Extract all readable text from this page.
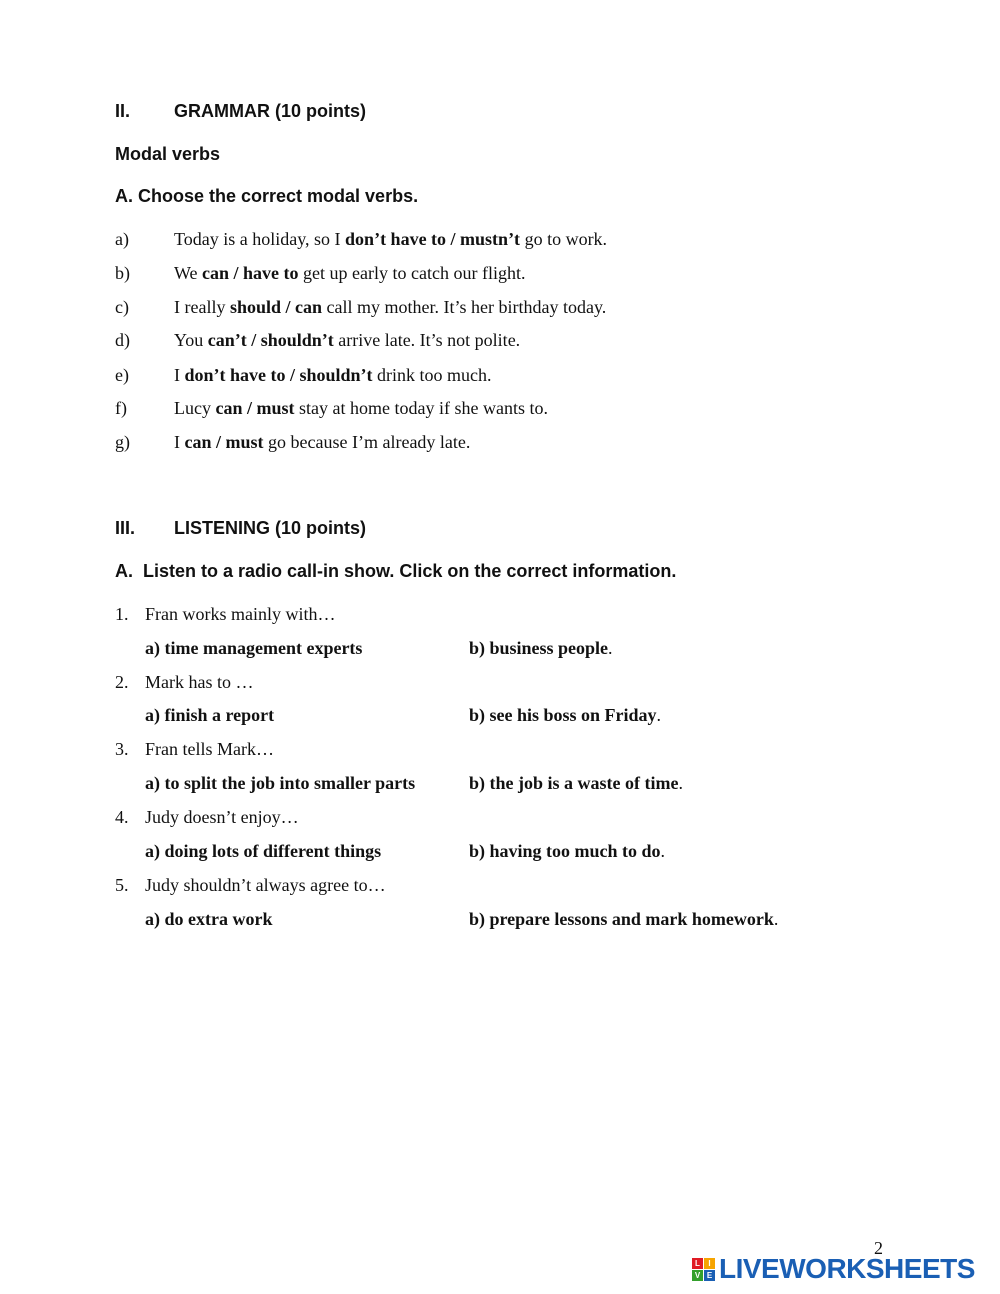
II. GRAMMAR (10 points)
Modal verbs
A. Choose the correct modal verbs.
a)	Today is a holiday, so I don’t have to / mustn’t go to work.
b) We can / have to get up early to catch our flight.
c)	I really should / can call my mother. It’s her birthday today.
d) You can’t / shouldn’t arrive late. It’s not polite.
e)	I don’t have to / shouldn’t drink too much.
f)	Lucy can / must stay at home today if she wants to.
g) I can / must go because I’m already late.
III. LISTENING (10 points)
A.  Listen to a radio call-in show. Click on the correct information.
1. Fran works mainly with…
a) time management experts	b) business people.
2. Mark has to …
a) finish a report	b) see his boss on Friday.
3. Fran tells Mark…
a) to split the job into smaller parts	b) the job is a waste of time.
4. Judy doesn’t enjoy…
a) doing lots of different things	b) having too much to do.
5. Judy shouldn’t always agree to…
a) do extra work	b) prepare lessons and mark homework.
2
L	I
V E LIVEWORKSHEETS
